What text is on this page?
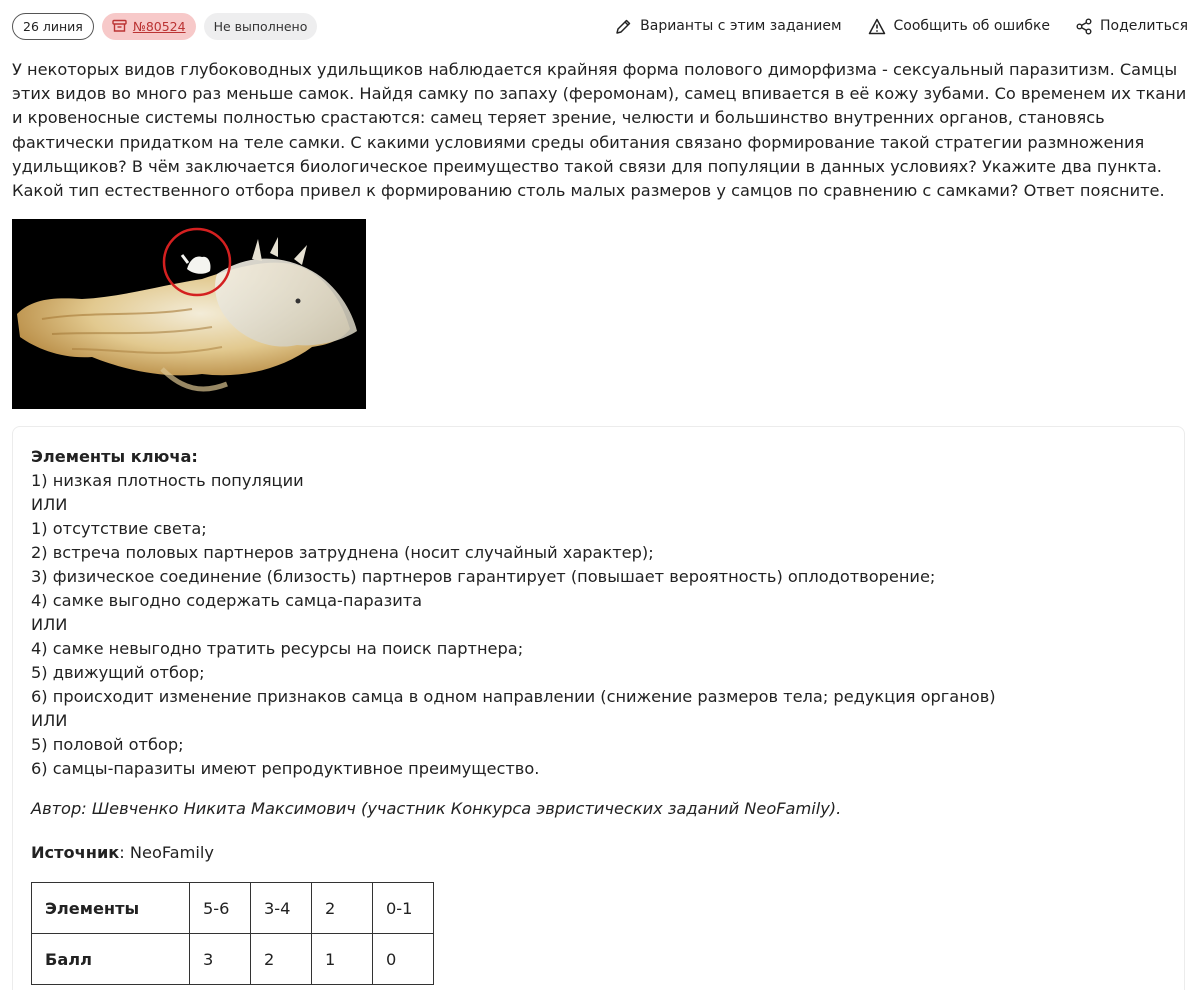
26 линия	№80524 Не выполнено	Варианты с этим заданием	Сообщить об ошибке	Поделиться
У некоторых видов глубоководных удильщиков наблюдается крайняя форма полового диморфизма - сексуальный паразитизм. Самцы
этих видов во много раз меньше самок. Найдя самку по запаху (феромонам), самец впивается в её кожу зубами. Со временем их ткани
и кровеносные системы полностью срастаются: самец теряет зрение, челюсти и большинство внутренних органов, становясь
фактически придатком на теле самки. С какими условиями среды обитания связано формирование такой стратегии размножения
удильщиков? В чём заключается биологическое преимущество такой связи для популяции в данных условиях? Укажите два пункта.
Какой тип естественного отбора привел к формированию столь малых размеров у самцов по сравнению с самками? Ответ поясните.
Элементы ключа:
1) низкая плотность популяции
ИЛИ
1) отсутствие света;
2) встреча половых партнеров затруднена (носит случайный характер);
3) физическое соединение (близость) партнеров гарантирует (повышает вероятность) оплодотворение;
4) самке выгодно содержать самца-паразита
ИЛИ
4) самке невыгодно тратить ресурсы на поиск партнера;
5) движущий отбор;
6) происходит изменение признаков самца в одном направлении (снижение размеров тела; редукция органов)
ИЛИ
5) половой отбор;
6) самцы-паразиты имеют репродуктивное преимущество.
Автор: Шевченко Никита Максимович (участник Конкурса эвристических заданий NeoFamily).
Источник: NeoFamily
Элементы	5-6	3-4	2	0-1
Балл	3	2	1	0
